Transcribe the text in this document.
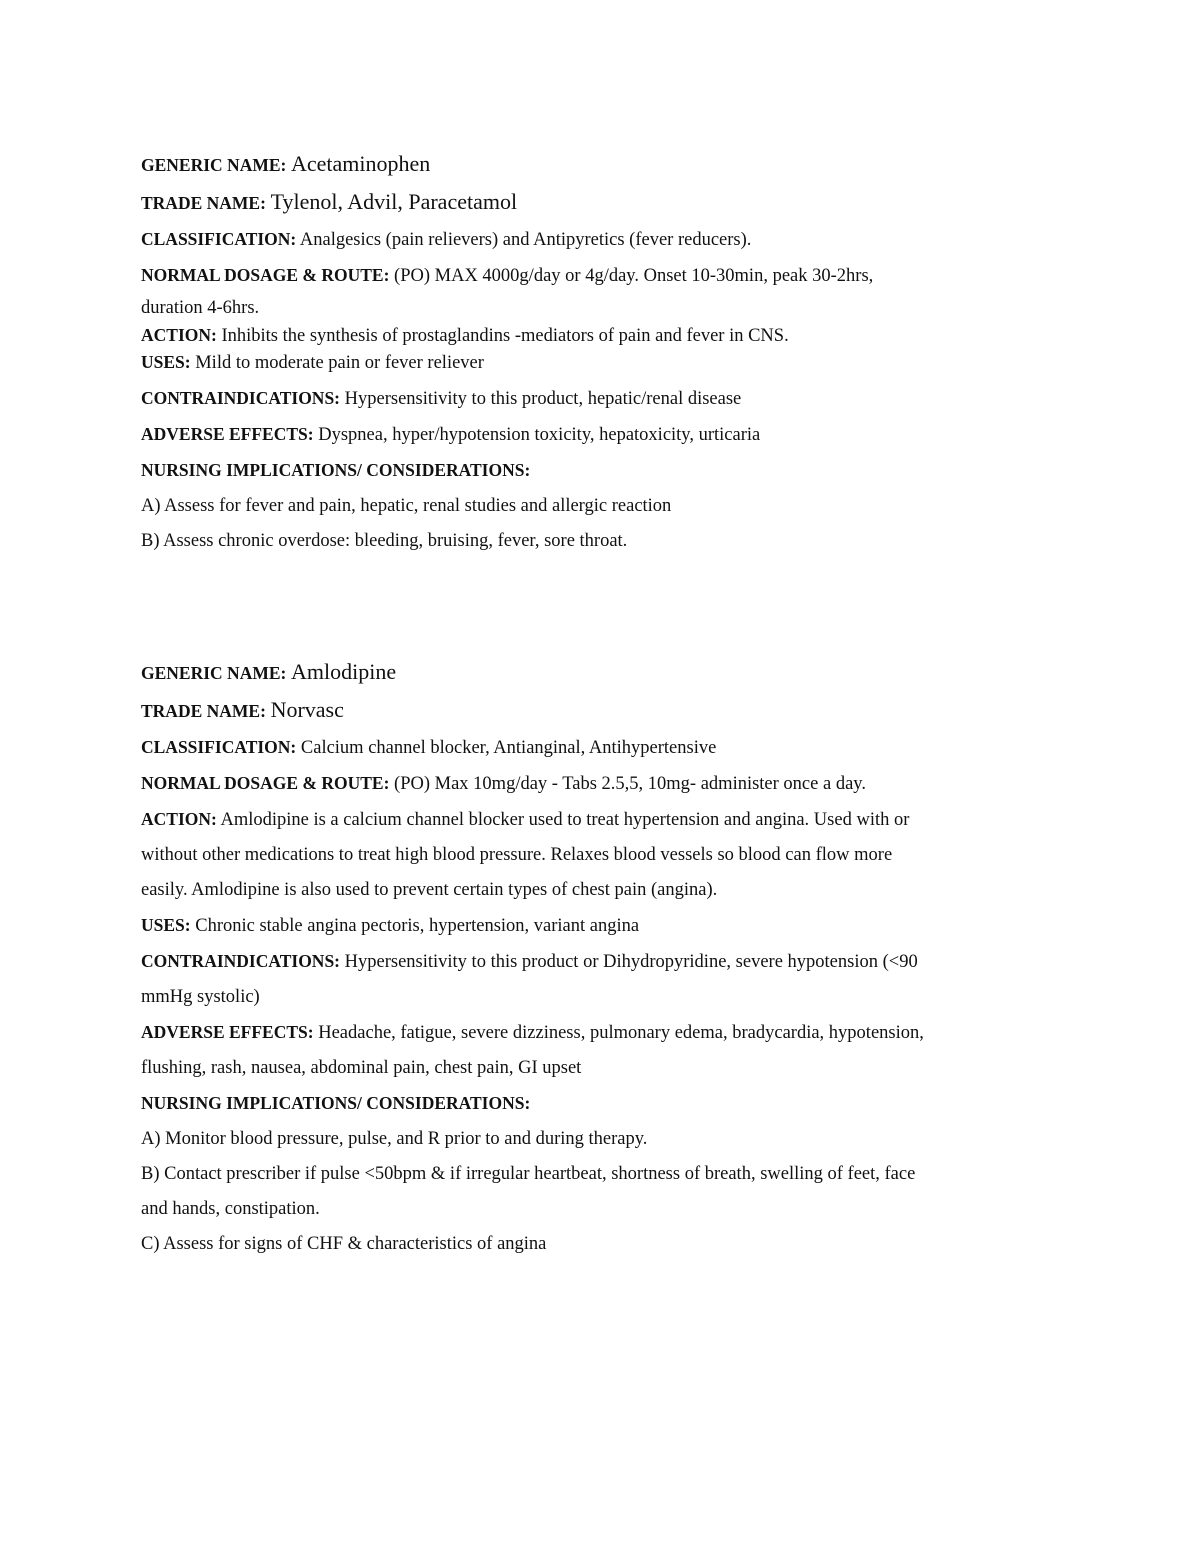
GENERIC NAME: Acetaminophen

TRADE NAME: Tylenol, Advil, Paracetamol

CLASSIFICATION: Analgesics (pain relievers) and Antipyretics (fever reducers).

NORMAL DOSAGE & ROUTE: (PO) MAX 4000g/day or 4g/day. Onset 10-30min, peak 30-2hrs,

duration 4-6hrs.

ACTION: Inhibits the synthesis of prostaglandins -mediators of pain and fever in CNS.

USES: Mild to moderate pain or fever reliever

CONTRAINDICATIONS: Hypersensitivity to this product, hepatic/renal disease

ADVERSE EFFECTS: Dyspnea, hyper/hypotension toxicity, hepatoxicity, urticaria

NURSING IMPLICATIONS/ CONSIDERATIONS:

A) Assess for fever and pain, hepatic, renal studies and allergic reaction

B) Assess chronic overdose: bleeding, bruising, fever, sore throat.

GENERIC NAME: Amlodipine

TRADE NAME: Norvasc

CLASSIFICATION: Calcium channel blocker, Antianginal, Antihypertensive

NORMAL DOSAGE & ROUTE: (PO) Max 10mg/day - Tabs 2.5,5, 10mg- administer once a day.

ACTION: Amlodipine is a calcium channel blocker used to treat hypertension and angina. Used with or

without other medications to treat high blood pressure. Relaxes blood vessels so blood can flow more

easily. Amlodipine is also used to prevent certain types of chest pain (angina).

USES: Chronic stable angina pectoris, hypertension, variant angina

CONTRAINDICATIONS: Hypersensitivity to this product or Dihydropyridine, severe hypotension (<90

mmHg systolic)

ADVERSE EFFECTS: Headache, fatigue, severe dizziness, pulmonary edema, bradycardia, hypotension,

flushing, rash, nausea, abdominal pain, chest pain, GI upset

NURSING IMPLICATIONS/ CONSIDERATIONS:

A) Monitor blood pressure, pulse, and R prior to and during therapy.

B) Contact prescriber if pulse <50bpm & if irregular heartbeat, shortness of breath, swelling of feet, face

and hands, constipation.

C) Assess for signs of CHF & characteristics of angina
